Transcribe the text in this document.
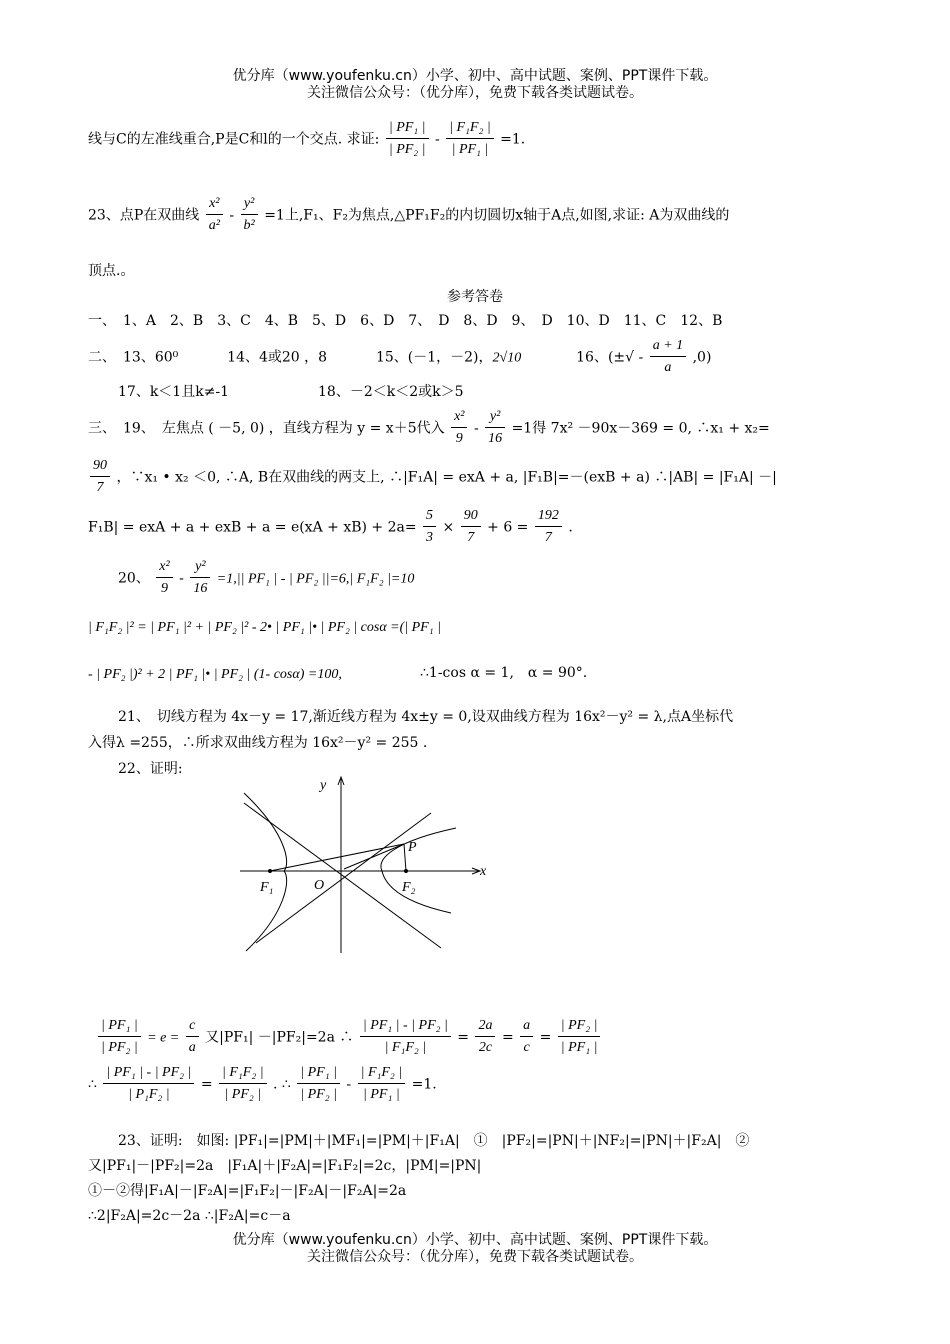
优分库（www.youfenku.cn）小学、初中、高中试题、案例、PPT课件下载。
关注微信公众号：（优分库），免费下载各类试题试卷。
线与C的左准线重合,P是C和l的一个交点. 求证: $\frac{\text{| PF₁ |}}{\text{| PF₂ |}} - \frac{\text{| F₁F₂ |}}{\text{| PF₁ |}} =1$.
23、点P在双曲线 $\frac{\text{x²}}{\text{a²}} - \frac{\text{y²}}{\text{b²}} =1$上,F₁、F₂为焦点,△PF₁F₂的内切圆切x轴于A点,如图,求证: A为双曲线的
顶点.。
参考答卷
一、　1、A　2、B　3、C　4、B　5、D　6、D　7、　D　8、D　9、　D　10、D　11、C　12、B
二、　13、60⁰	14、4或20 ，8	15、(－1，－2)，2√10	16、(±√ - $\frac{a + 1}{a} ,0$)
17、k＜1且k≠-1	18、－2＜k＜2或k＞5
三、　19、　左焦点 ( －5, 0) ，直线方程为 y = x＋5代入 $\frac{\text{x²}}{9} - \frac{\text{y²}}{16} =1$得 7x² －90x－369 = 0, ∴x₁ + x₂=
$\frac{90}{7}$ ，∵x₁ • x₂ ＜0, ∴A, B在双曲线的两支上, ∴|F₁A| = exA + a, |F₁B|=－(exB + a) ∴|AB| = |F₁A| －|
F₁B| = exA + a + exB + $a = e(xA + xB) + 2a= \frac{5}{3} \times \frac{90}{7} + 6 = \frac{192}{7}$ .
20、 $\frac{\text{x²}}{9} - \frac{\text{y²}}{16} =1,||$ PF₁ | - | PF₂ ||=6,| F₁F₂ |=10
| F₁F₂ |² = | PF₁ |² + | PF₂ |² - 2• | PF₁ |• | PF₂ | cosα =(| PF₁ |
- | PF₂ |)² + 2 | PF₁ |• | PF₂ | (1- cosα) =100,	∴1-cos α = 1,　α = 90°.
21、　切线方程为 4x－y = 17,渐近线方程为 4x±y = 0,设双曲线方程为 16x²－y² = λ,点A坐标代
入得λ =255，∴所求双曲线方程为 16x²－y² = 255 .
22、证明:
y
x
P
F₁	O	F₂
$\frac{\text{| PF₁ |}}{\text{| PF₂ |}} = e = \frac{c}{a}$ 又|PF₁| －|PF₂|=2a ∴ $\frac{\text{| PF₁ | - | PF₂ |}}{\text{| F₁F₂ |}} = \frac{2a}{2c} = \frac{a}{c} = \frac{\text{| PF₂ |}}{\text{| PF₁ |}}$
∴ $\frac{\text{| PF₁ | - | PF₂ |}}{\text{| P₁F₂ |}} = \frac{\text{| F₁F₂ |}}{\text{| PF₂ |}}$ . ∴ $\frac{\text{| PF₁ |}}{\text{| PF₂ |}} - \frac{\text{| F₁F₂ |}}{\text{| PF₁ |}} =1$.
23、证明:　如图: |PF₁|=|PM|＋|MF₁|=|PM|＋|F₁A|　①　|PF₂|=|PN|＋|NF₂|=|PN|＋|F₂A|　②
又|PF₁|－|PF₂|=2a　|F₁A|＋|F₂A|=|F₁F₂|=2c，|PM|=|PN|
①－②得|F₁A|－|F₂A|=|F₁F₂|－|F₂A|－|F₂A|=2a
∴2|F₂A|=2c－2a ∴|F₂A|=c－a
优分库（www.youfenku.cn）小学、初中、高中试题、案例、PPT课件下载。
关注微信公众号：（优分库），免费下载各类试题试卷。
